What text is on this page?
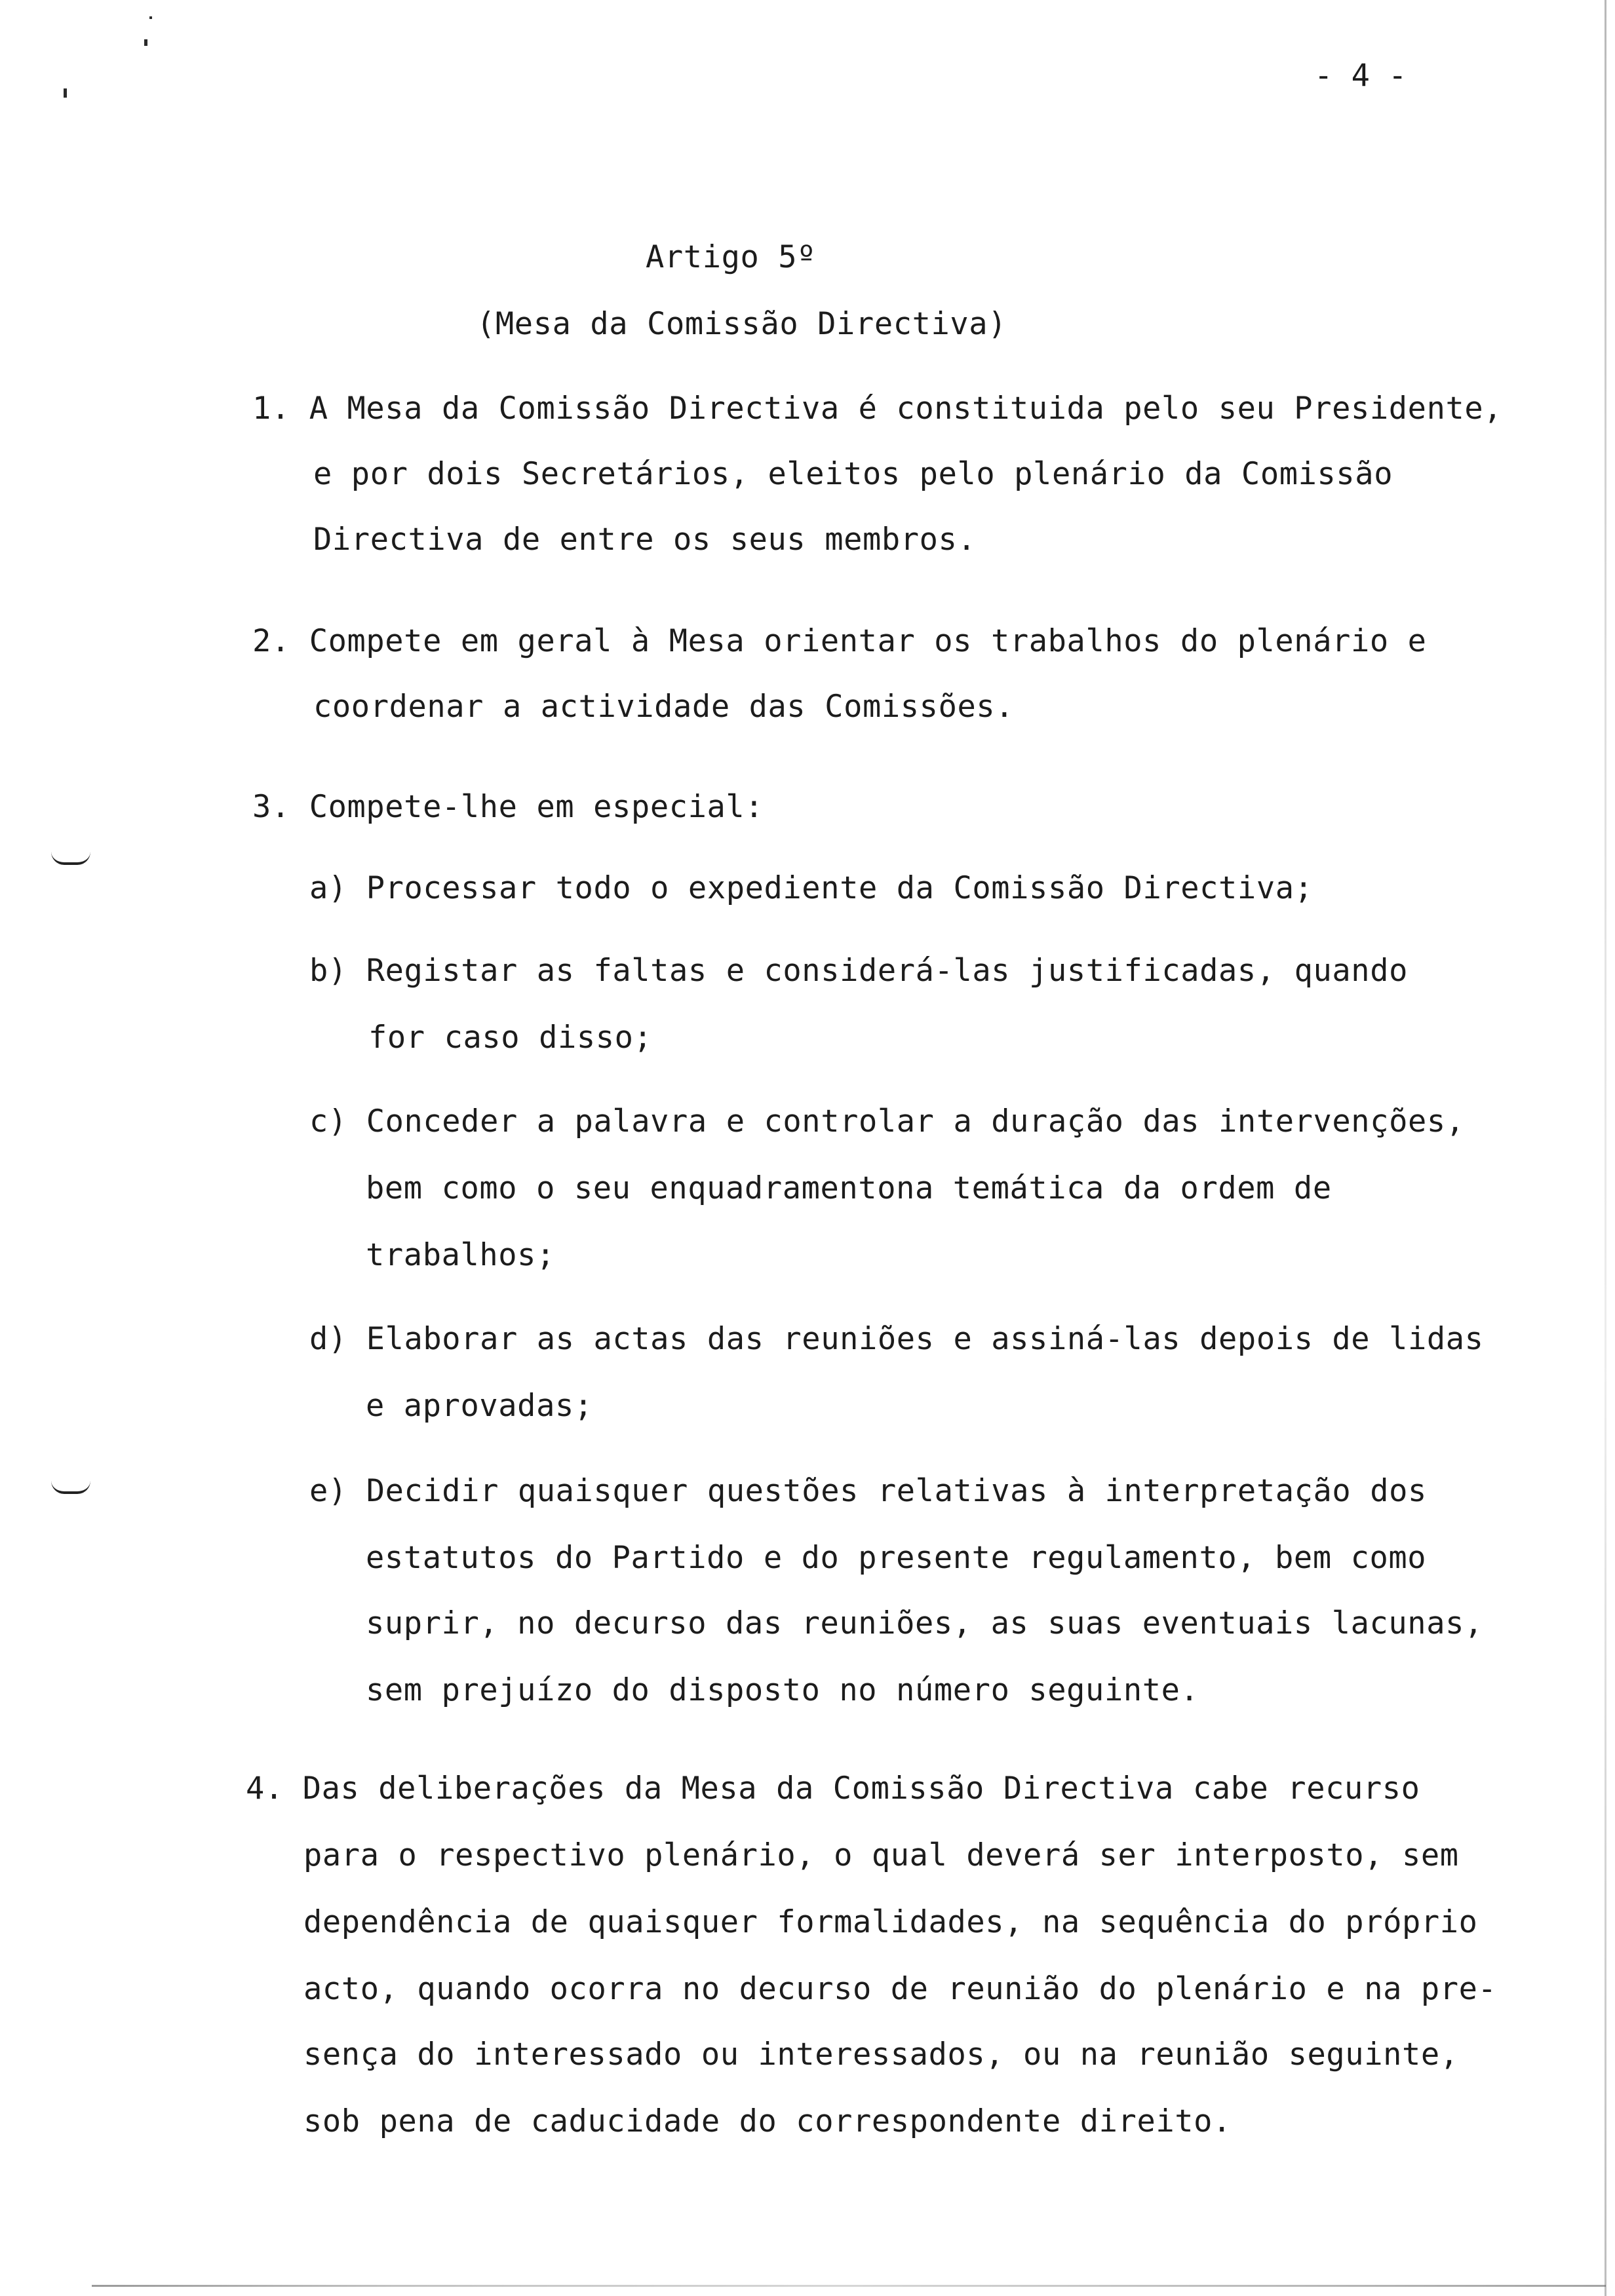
- 4 -
Artigo 5º
(Mesa da Comissão Directiva)
1. A Mesa da Comissão Directiva é constituida pelo seu Presidente,
e por dois Secretários, eleitos pelo plenário da Comissão
Directiva de entre os seus membros.
2. Compete em geral à Mesa orientar os trabalhos do plenário e
coordenar a actividade das Comissões.
3. Compete-lhe em especial:
a) Processar todo o expediente da Comissão Directiva;
b) Registar as faltas e considerá-las justificadas, quando
for caso disso;
c) Conceder a palavra e controlar a duração das intervenções,
bem como o seu enquadramentona temática da ordem de
trabalhos;
d) Elaborar as actas das reuniões e assiná-las depois de lidas
e aprovadas;
e) Decidir quaisquer questões relativas à interpretação dos
estatutos do Partido e do presente regulamento, bem como
suprir, no decurso das reuniões, as suas eventuais lacunas,
sem prejuízo do disposto no número seguinte.
4. Das deliberações da Mesa da Comissão Directiva cabe recurso
para o respectivo plenário, o qual deverá ser interposto, sem
dependência de quaisquer formalidades, na sequência do próprio
acto, quando ocorra no decurso de reunião do plenário e na pre-
sença do interessado ou interessados, ou na reunião seguinte,
sob pena de caducidade do correspondente direito.
